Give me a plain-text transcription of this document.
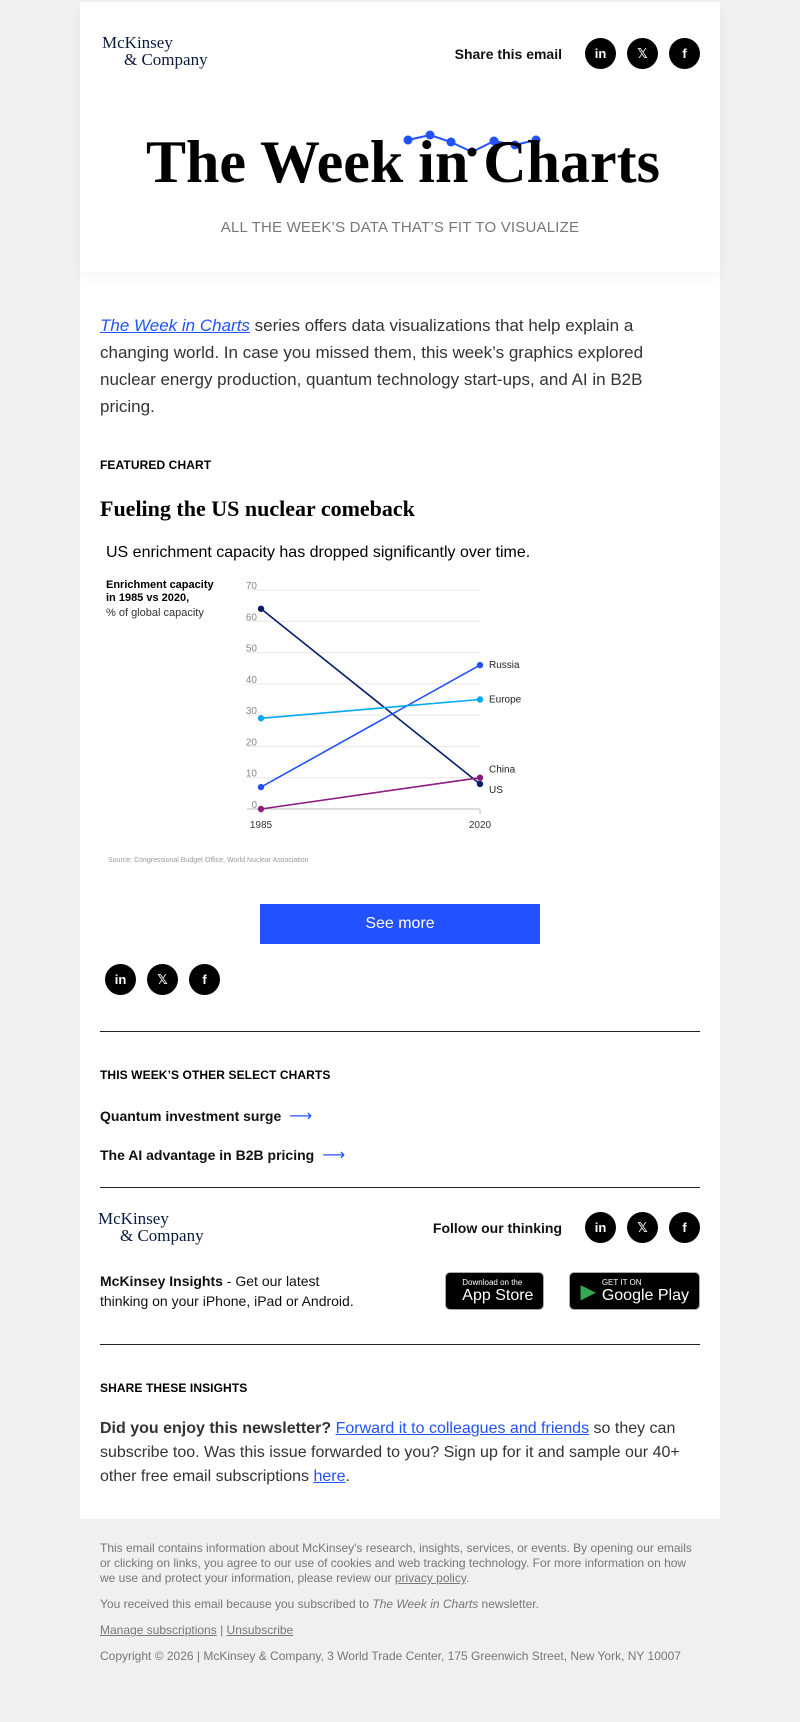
McKinsey
& Company	Share this email	in	𝕏	f
The Week in Charts
ALL THE WEEK’S DATA THAT’S FIT TO VISUALIZE

The Week in Charts series offers data visualizations that help explain a changing world. In case you missed them, this week’s graphics explored nuclear energy production, quantum technology start-ups, and AI in B2B pricing.

FEATURED CHART
Fueling the US nuclear comeback
US enrichment capacity has dropped significantly over time.
Enrichment capacity in 1985 vs 2020,
% of global capacity
0
10
20
30
40
50
60
70
1985	2020
US
Russia
Europe
China
Source: Congressional Budget Office; World Nuclear Association
See more
in	𝕏	f
THIS WEEK’S OTHER SELECT CHARTS
Quantum investment surge ⟶
The AI advantage in B2B pricing ⟶
McKinsey
& Company	Follow our thinking	in	𝕏	f
McKinsey Insights - Get our latest thinking on your iPhone, iPad or Android.
Download on the
App Store ▶ GET IT ON
Google Play
SHARE THESE INSIGHTS

Did you enjoy this newsletter? Forward it to colleagues and friends so they can subscribe too. Was this issue forwarded to you? Sign up for it and sample our 40+ other free email subscriptions here.

This email contains information about McKinsey's research, insights, services, or events. By opening our emails or clicking on links, you agree to our use of cookies and web tracking technology. For more information on how we use and protect your information, please review our privacy policy.

You received this email because you subscribed to The Week in Charts newsletter.

Manage subscriptions | Unsubscribe

Copyright © 2026 | McKinsey & Company, 3 World Trade Center, 175 Greenwich Street, New York, NY 10007
